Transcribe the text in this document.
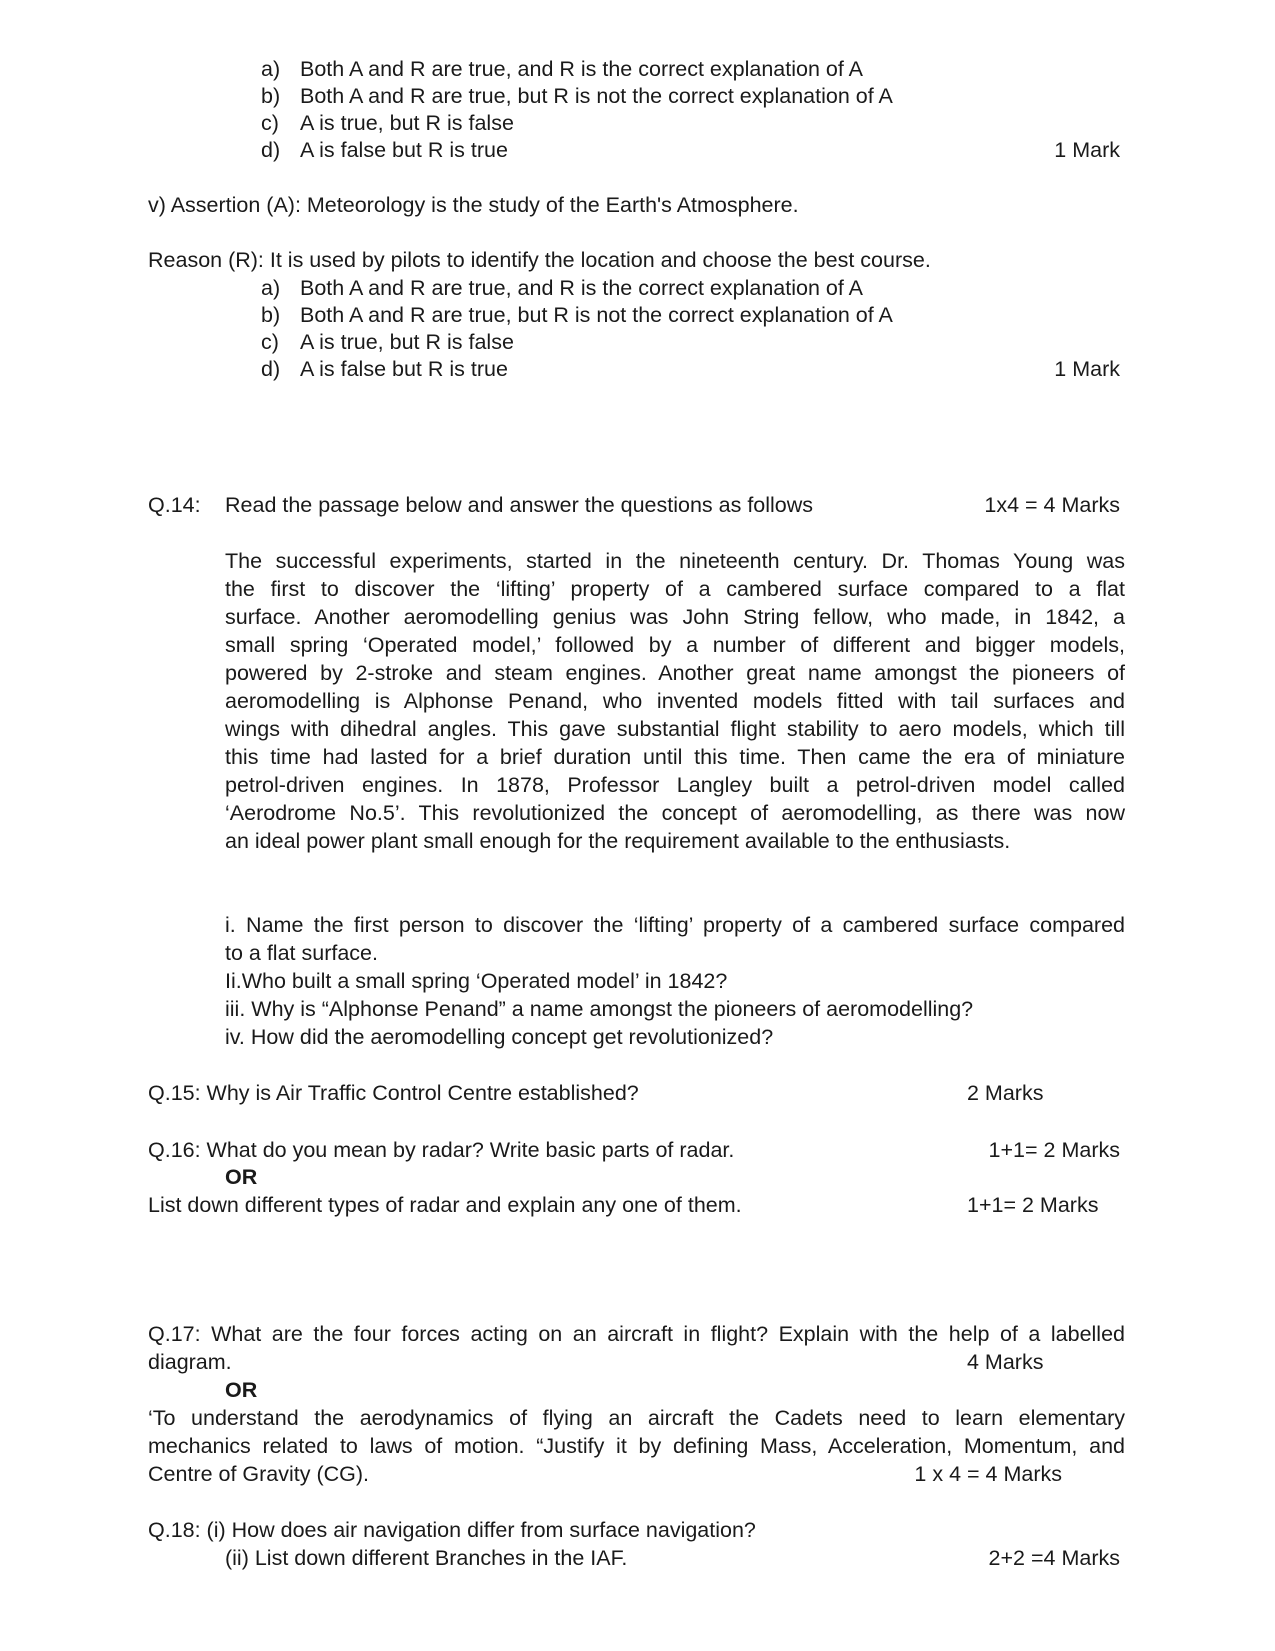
a) Both A and R are true, and R is the correct explanation of A
b) Both A and R are true, but R is not the correct explanation of A
c) A is true, but R is false
d) A is false but R is true	1 Mark
v) Assertion (A): Meteorology is the study of the Earth's Atmosphere.
Reason (R): It is used by pilots to identify the location and choose the best course.
a) Both A and R are true, and R is the correct explanation of A
b) Both A and R are true, but R is not the correct explanation of A
c) A is true, but R is false
d) A is false but R is true	1 Mark
Q.14: Read the passage below and answer the questions as follows	1x4 = 4 Marks
The successful experiments, started in the nineteenth century. Dr. Thomas Young was
the first to discover the ‘lifting’ property of a cambered surface compared to a flat
surface. Another aeromodelling genius was John String fellow, who made, in 1842, a
small spring ‘Operated model,’ followed by a number of different and bigger models,
powered by 2-stroke and steam engines. Another great name amongst the pioneers of
aeromodelling is Alphonse Penand, who invented models fitted with tail surfaces and
wings with dihedral angles. This gave substantial flight stability to aero models, which till
this time had lasted for a brief duration until this time. Then came the era of miniature
petrol-driven engines. In 1878, Professor Langley built a petrol-driven model called
‘Aerodrome No.5’. This revolutionized the concept of aeromodelling, as there was now
an ideal power plant small enough for the requirement available to the enthusiasts.
i. Name the first person to discover the ‘lifting’ property of a cambered surface compared
to a flat surface.
Ii.Who built a small spring ‘Operated model’ in 1842?
iii. Why is “Alphonse Penand” a name amongst the pioneers of aeromodelling?
iv. How did the aeromodelling concept get revolutionized?
Q.15: Why is Air Traffic Control Centre established?	2 Marks
Q.16: What do you mean by radar? Write basic parts of radar.	1+1= 2 Marks
OR
List down different types of radar and explain any one of them.	1+1= 2 Marks
Q.17: What are the four forces acting on an aircraft in flight? Explain with the help of a labelled
diagram.	4 Marks
OR
‘To understand the aerodynamics of flying an aircraft the Cadets need to learn elementary
mechanics related to laws of motion. “Justify it by defining Mass, Acceleration, Momentum, and
Centre of Gravity (CG).	1 x 4 = 4 Marks
Q.18: (i) How does air navigation differ from surface navigation?
(ii) List down different Branches in the IAF.	2+2 =4 Marks
